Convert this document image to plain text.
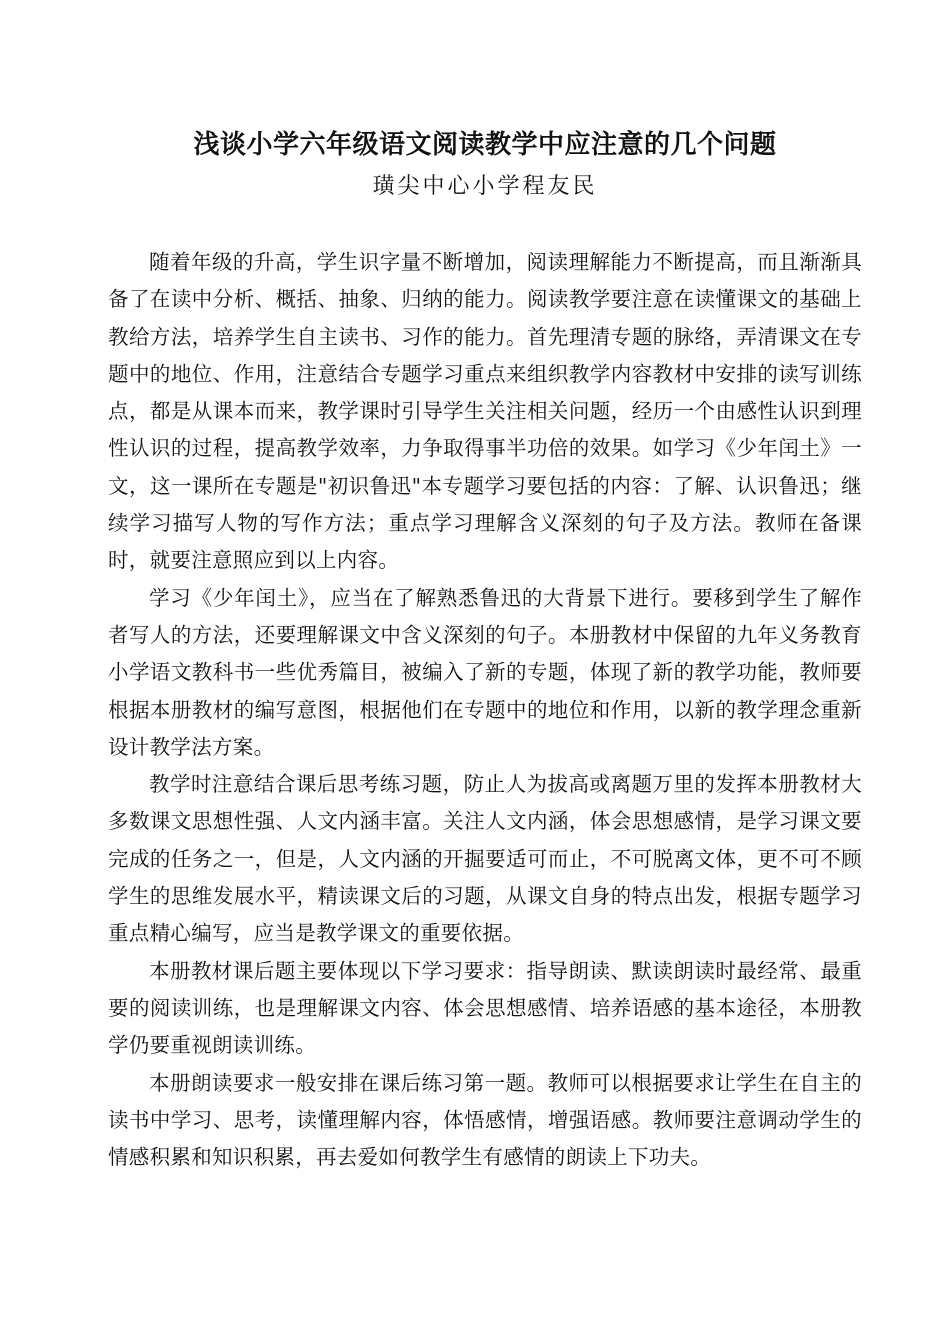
浅谈小学六年级语文阅读教学中应注意的几个问题

璜尖中心小学程友民

随着年级的升高，学生识字量不断增加，阅读理解能力不断提高，而且渐渐具备了在读中分析、概括、抽象、归纳的能力。阅读教学要注意在读懂课文的基础上教给方法，培养学生自主读书、习作的能力。首先理清专题的脉络，弄清课文在专题中的地位、作用，注意结合专题学习重点来组织教学内容教材中安排的读写训练点，都是从课本而来，教学课时引导学生关注相关问题，经历一个由感性认识到理性认识的过程，提高教学效率，力争取得事半功倍的效果。如学习《少年闰土》一文，这一课所在专题是"初识鲁迅"本专题学习要包括的内容：了解、认识鲁迅；继续学习描写人物的写作方法；重点学习理解含义深刻的句子及方法。教师在备课时，就要注意照应到以上内容。

学习《少年闰土》，应当在了解熟悉鲁迅的大背景下进行。要移到学生了解作者写人的方法，还要理解课文中含义深刻的句子。本册教材中保留的九年义务教育小学语文教科书一些优秀篇目，被编入了新的专题，体现了新的教学功能，教师要根据本册教材的编写意图，根据他们在专题中的地位和作用，以新的教学理念重新设计教学法方案。

教学时注意结合课后思考练习题，防止人为拔高或离题万里的发挥本册教材大多数课文思想性强、人文内涵丰富。关注人文内涵，体会思想感情，是学习课文要完成的任务之一，但是，人文内涵的开掘要适可而止，不可脱离文体，更不可不顾学生的思维发展水平，精读课文后的习题，从课文自身的特点出发，根据专题学习重点精心编写，应当是教学课文的重要依据。

本册教材课后题主要体现以下学习要求：指导朗读、默读朗读时最经常、最重要的阅读训练，也是理解课文内容、体会思想感情、培养语感的基本途径，本册教学仍要重视朗读训练。

本册朗读要求一般安排在课后练习第一题。教师可以根据要求让学生在自主的读书中学习、思考，读懂理解内容，体悟感情，增强语感。教师要注意调动学生的情感积累和知识积累，再去爱如何教学生有感情的朗读上下功夫。
